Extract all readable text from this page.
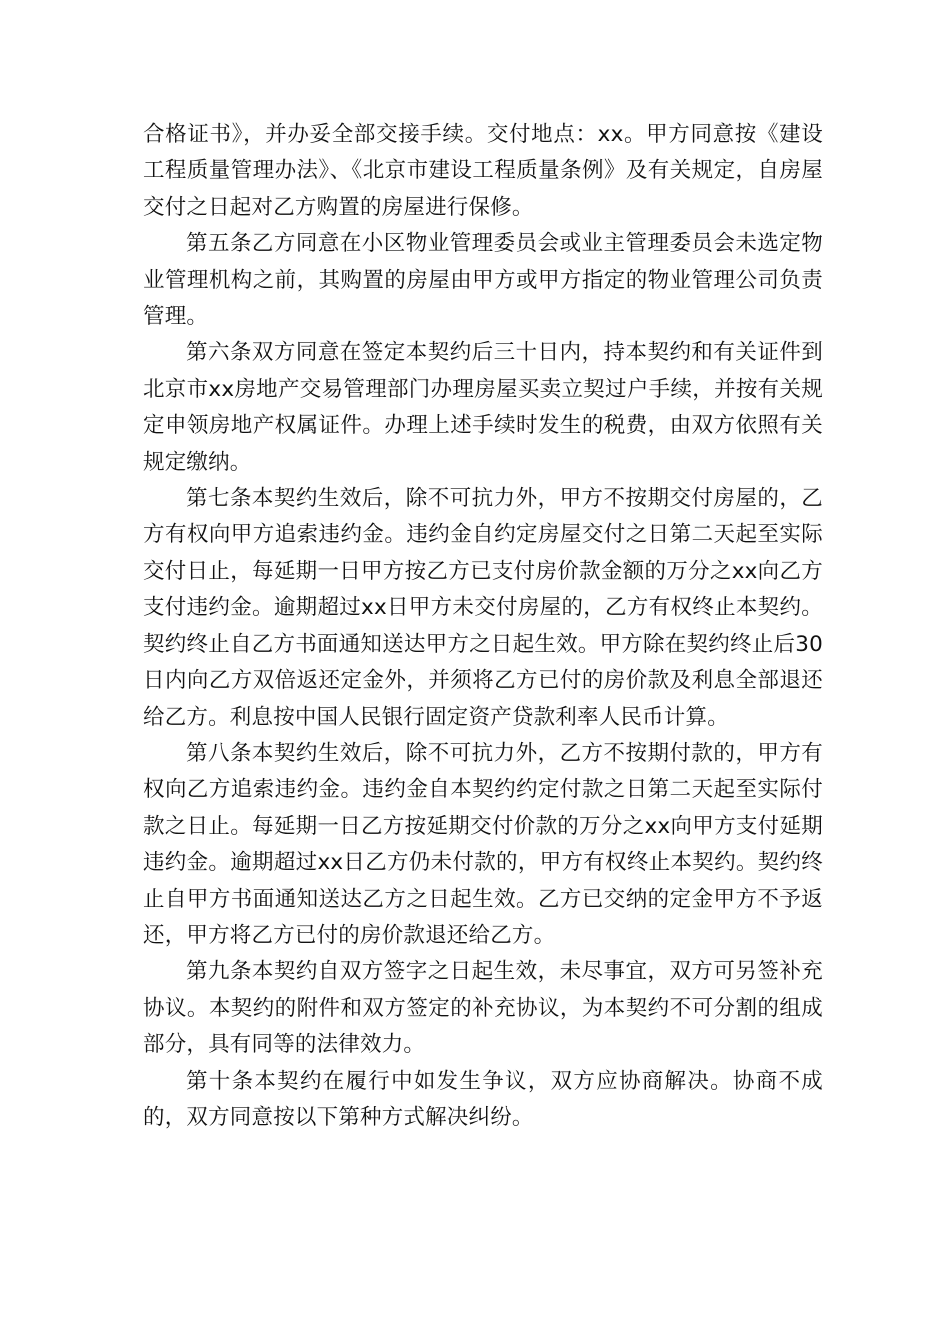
合格证书》，并办妥全部交接手续。交付地点：xx。甲方同意按《建设工程质量管理办法》、《北京市建设工程质量条例》及有关规定，自房屋交付之日起对乙方购置的房屋进行保修。

第五条乙方同意在小区物业管理委员会或业主管理委员会未选定物业管理机构之前，其购置的房屋由甲方或甲方指定的物业管理公司负责管理。

第六条双方同意在签定本契约后三十日内，持本契约和有关证件到北京市xx房地产交易管理部门办理房屋买卖立契过户手续，并按有关规定申领房地产权属证件。办理上述手续时发生的税费，由双方依照有关规定缴纳。

第七条本契约生效后，除不可抗力外，甲方不按期交付房屋的，乙方有权向甲方追索违约金。违约金自约定房屋交付之日第二天起至实际交付日止，每延期一日甲方按乙方已支付房价款金额的万分之xx向乙方支付违约金。逾期超过xx日甲方未交付房屋的，乙方有权终止本契约。契约终止自乙方书面通知送达甲方之日起生效。甲方除在契约终止后30日内向乙方双倍返还定金外，并须将乙方已付的房价款及利息全部退还给乙方。利息按中国人民银行固定资产贷款利率人民币计算。

第八条本契约生效后，除不可抗力外，乙方不按期付款的，甲方有权向乙方追索违约金。违约金自本契约约定付款之日第二天起至实际付款之日止。每延期一日乙方按延期交付价款的万分之xx向甲方支付延期违约金。逾期超过xx日乙方仍未付款的，甲方有权终止本契约。契约终止自甲方书面通知送达乙方之日起生效。乙方已交纳的定金甲方不予返还，甲方将乙方已付的房价款退还给乙方。

第九条本契约自双方签字之日起生效，未尽事宜，双方可另签补充协议。本契约的附件和双方签定的补充协议，为本契约不可分割的组成部分，具有同等的法律效力。

第十条本契约在履行中如发生争议，双方应协商解决。协商不成的，双方同意按以下第种方式解决纠纷。
